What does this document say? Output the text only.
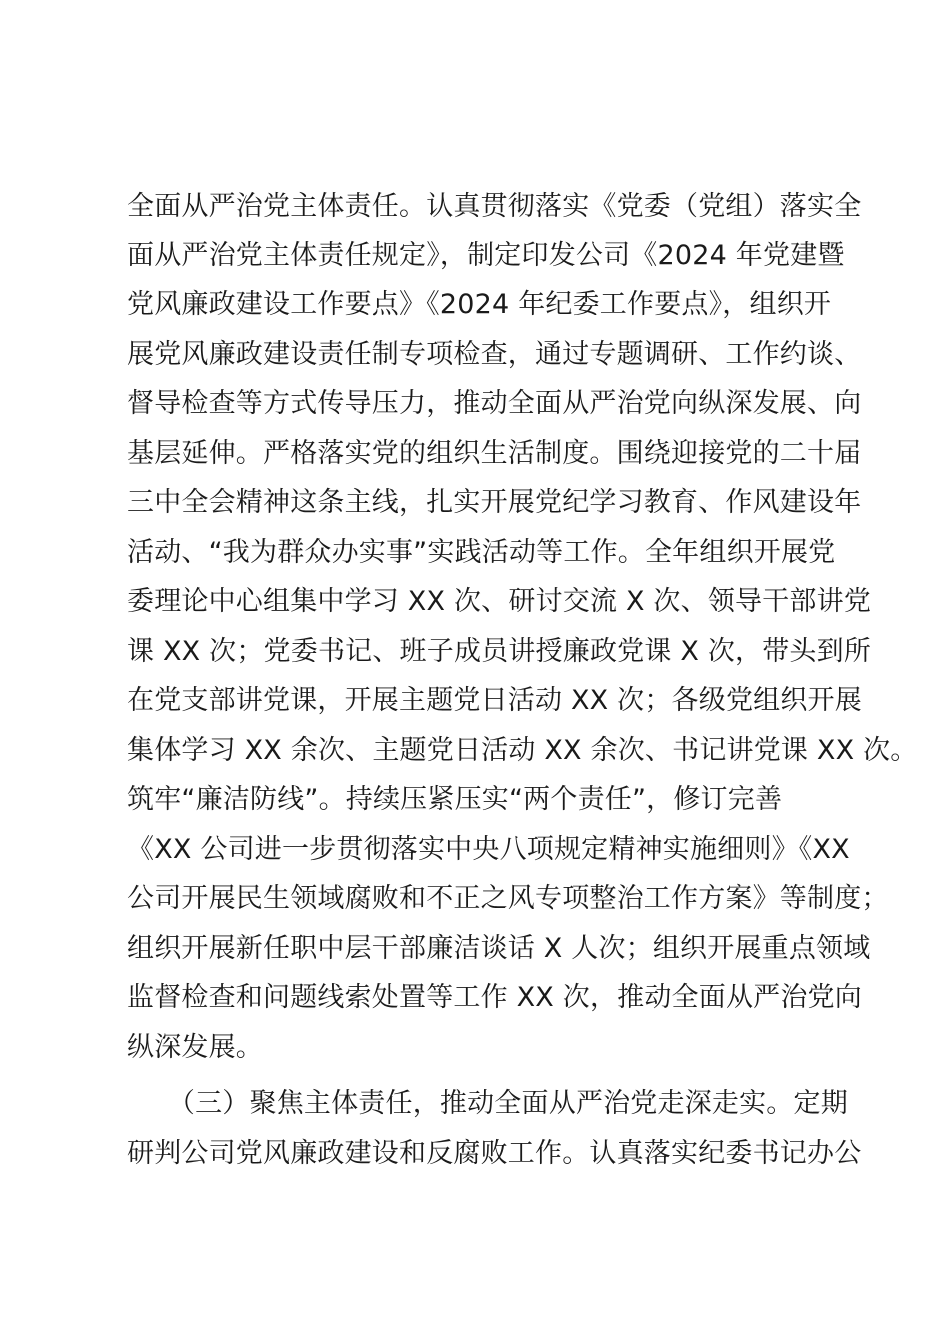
全面从严治党主体责任。认真贯彻落实《党委（党组）落实全
面从严治党主体责任规定》，制定印发公司《2024 年党建暨
党风廉政建设工作要点》《2024 年纪委工作要点》，组织开
展党风廉政建设责任制专项检查，通过专题调研、工作约谈、
督导检查等方式传导压力，推动全面从严治党向纵深发展、向
基层延伸。严格落实党的组织生活制度。围绕迎接党的二十届
三中全会精神这条主线，扎实开展党纪学习教育、作风建设年
活动、“我为群众办实事”实践活动等工作。全年组织开展党
委理论中心组集中学习 XX 次、研讨交流 X 次、领导干部讲党
课 XX 次；党委书记、班子成员讲授廉政党课 X 次，带头到所
在党支部讲党课，开展主题党日活动 XX 次；各级党组织开展
集体学习 XX 余次、主题党日活动 XX 余次、书记讲党课 XX 次。
筑牢“廉洁防线”。持续压紧压实“两个责任”，修订完善
《XX 公司进一步贯彻落实中央八项规定精神实施细则》《XX
公司开展民生领域腐败和不正之风专项整治工作方案》等制度；
组织开展新任职中层干部廉洁谈话 X 人次；组织开展重点领域
监督检查和问题线索处置等工作 XX 次，推动全面从严治党向
纵深发展。
　　（三）聚焦主体责任，推动全面从严治党走深走实。定期
研判公司党风廉政建设和反腐败工作。认真落实纪委书记办公
